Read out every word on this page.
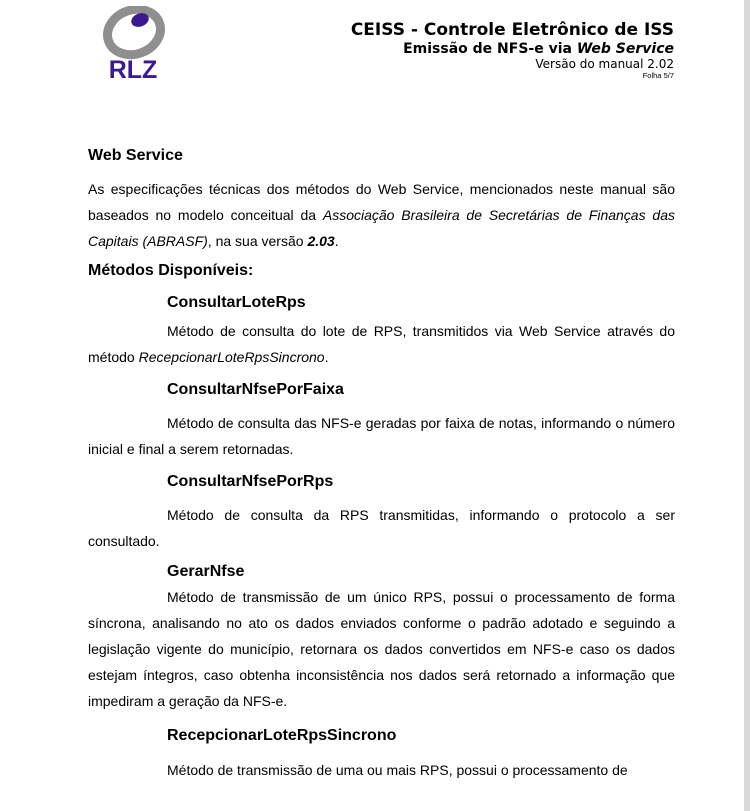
RLZ
CEISS - Controle Eletrônico de ISS
Emissão de NFS-e via Web Service
Versão do manual 2.02
Folha 5/7
Web Service

As especificações técnicas dos métodos do Web Service, mencionados neste manual são baseados no modelo conceitual da Associação Brasileira de Secretárias de Finanças das Capitais (ABRASF), na sua versão 2.03.

Métodos Disponíveis:
ConsultarLoteRps

Método de consulta do lote de RPS, transmitidos via Web Service através do método RecepcionarLoteRpsSincrono.

ConsultarNfsePorFaixa

Método de consulta das NFS-e geradas por faixa de notas, informando o número inicial e final a serem retornadas.

ConsultarNfsePorRps

Método de consulta da RPS transmitidas, informando o protocolo a ser consultado.

GerarNfse

Método de transmissão de um único RPS, possui o processamento de forma síncrona, analisando no ato os dados enviados conforme o padrão adotado e seguindo a legislação vigente do município, retornara os dados convertidos em NFS-e caso os dados estejam íntegros, caso obtenha inconsistência nos dados será retornado a informação que impediram a geração da NFS-e.

RecepcionarLoteRpsSincrono

Método de transmissão de uma ou mais RPS, possui o processamento de
